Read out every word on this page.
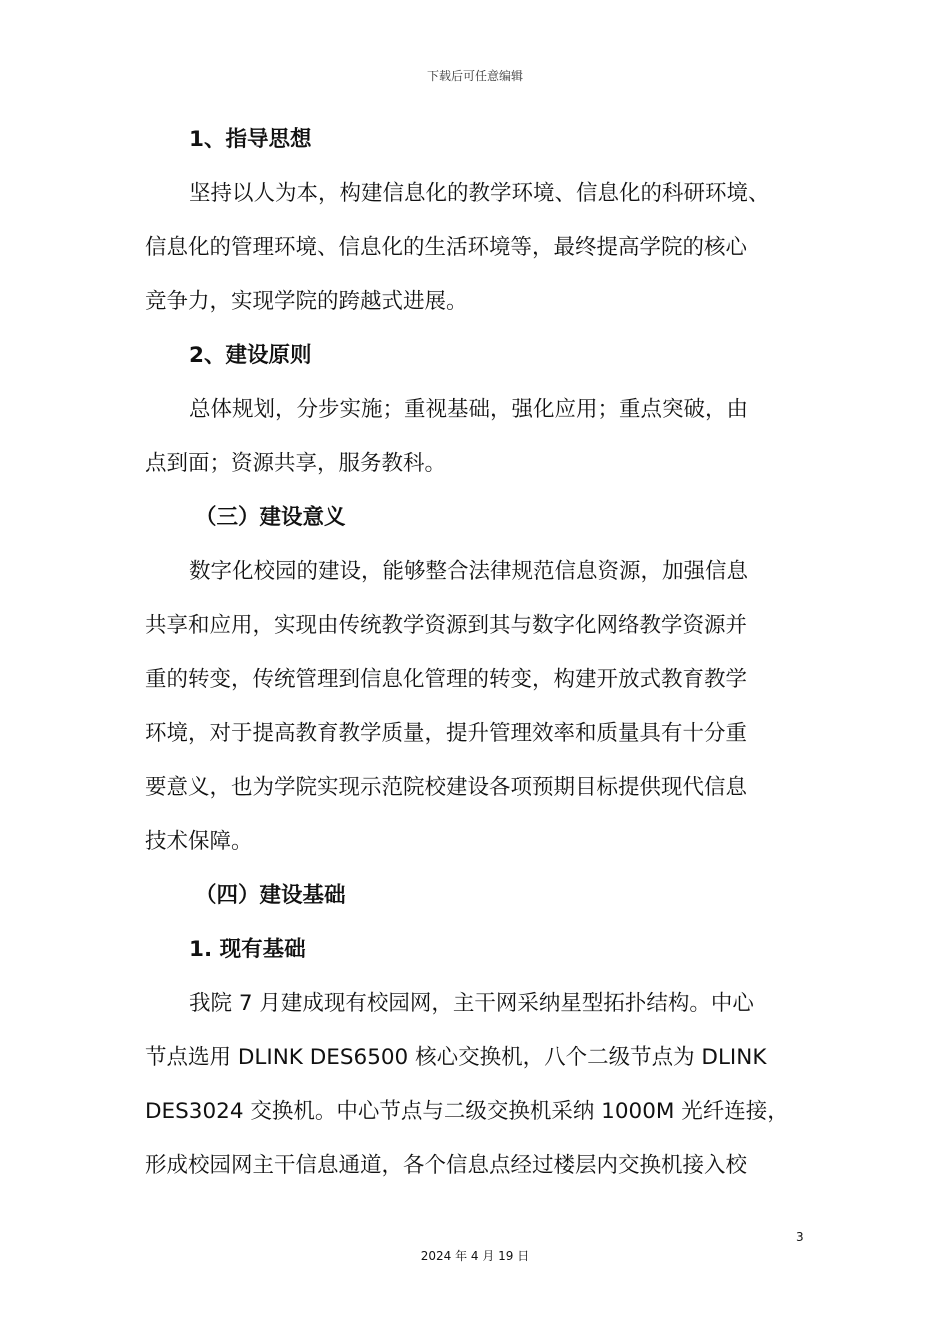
下载后可任意编辑
1、指导思想
坚持以人为本，构建信息化的教学环境、信息化的科研环境、
信息化的管理环境、信息化的生活环境等，最终提高学院的核心
竞争力，实现学院的跨越式进展。
2、建设原则
总体规划，分步实施；重视基础，强化应用；重点突破，由
点到面；资源共享，服务教科。
（三）建设意义
数字化校园的建设，能够整合法律规范信息资源，加强信息
共享和应用，实现由传统教学资源到其与数字化网络教学资源并
重的转变，传统管理到信息化管理的转变，构建开放式教育教学
环境，对于提高教育教学质量，提升管理效率和质量具有十分重
要意义，也为学院实现示范院校建设各项预期目标提供现代信息
技术保障。
（四）建设基础
1. 现有基础
我院 7 月建成现有校园网，主干网采纳星型拓扑结构。中心
节点选用 DLINK DES6500 核心交换机，八个二级节点为 DLINK
DES3024 交换机。中心节点与二级交换机采纳 1000M 光纤连接，
形成校园网主干信息通道，各个信息点经过楼层内交换机接入校
3
2024 年 4 月 19 日
